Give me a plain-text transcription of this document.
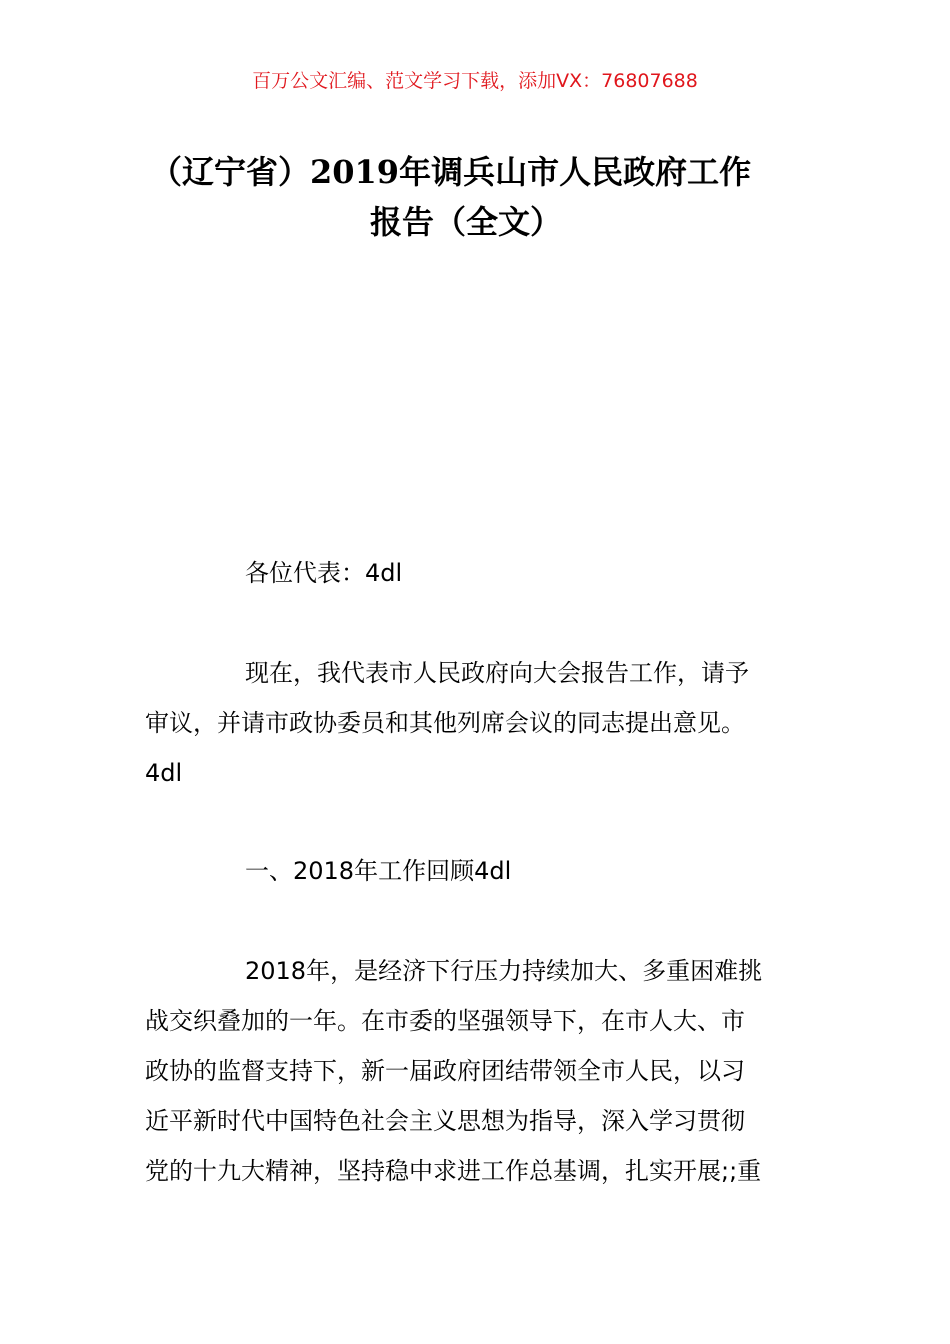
百万公文汇编、范文学习下载，添加VX：76807688
（辽宁省）2019年调兵山市人民政府工作
报告（全文）
各位代表：4dl
现在，我代表市人民政府向大会报告工作，请予
审议，并请市政协委员和其他列席会议的同志提出意见。
4dl
一、2018年工作回顾4dl
2018年，是经济下行压力持续加大、多重困难挑
战交织叠加的一年。在市委的坚强领导下，在市人大、市
政协的监督支持下，新一届政府团结带领全市人民，以习
近平新时代中国特色社会主义思想为指导，深入学习贯彻
党的十九大精神，坚持稳中求进工作总基调，扎实开展;;重
